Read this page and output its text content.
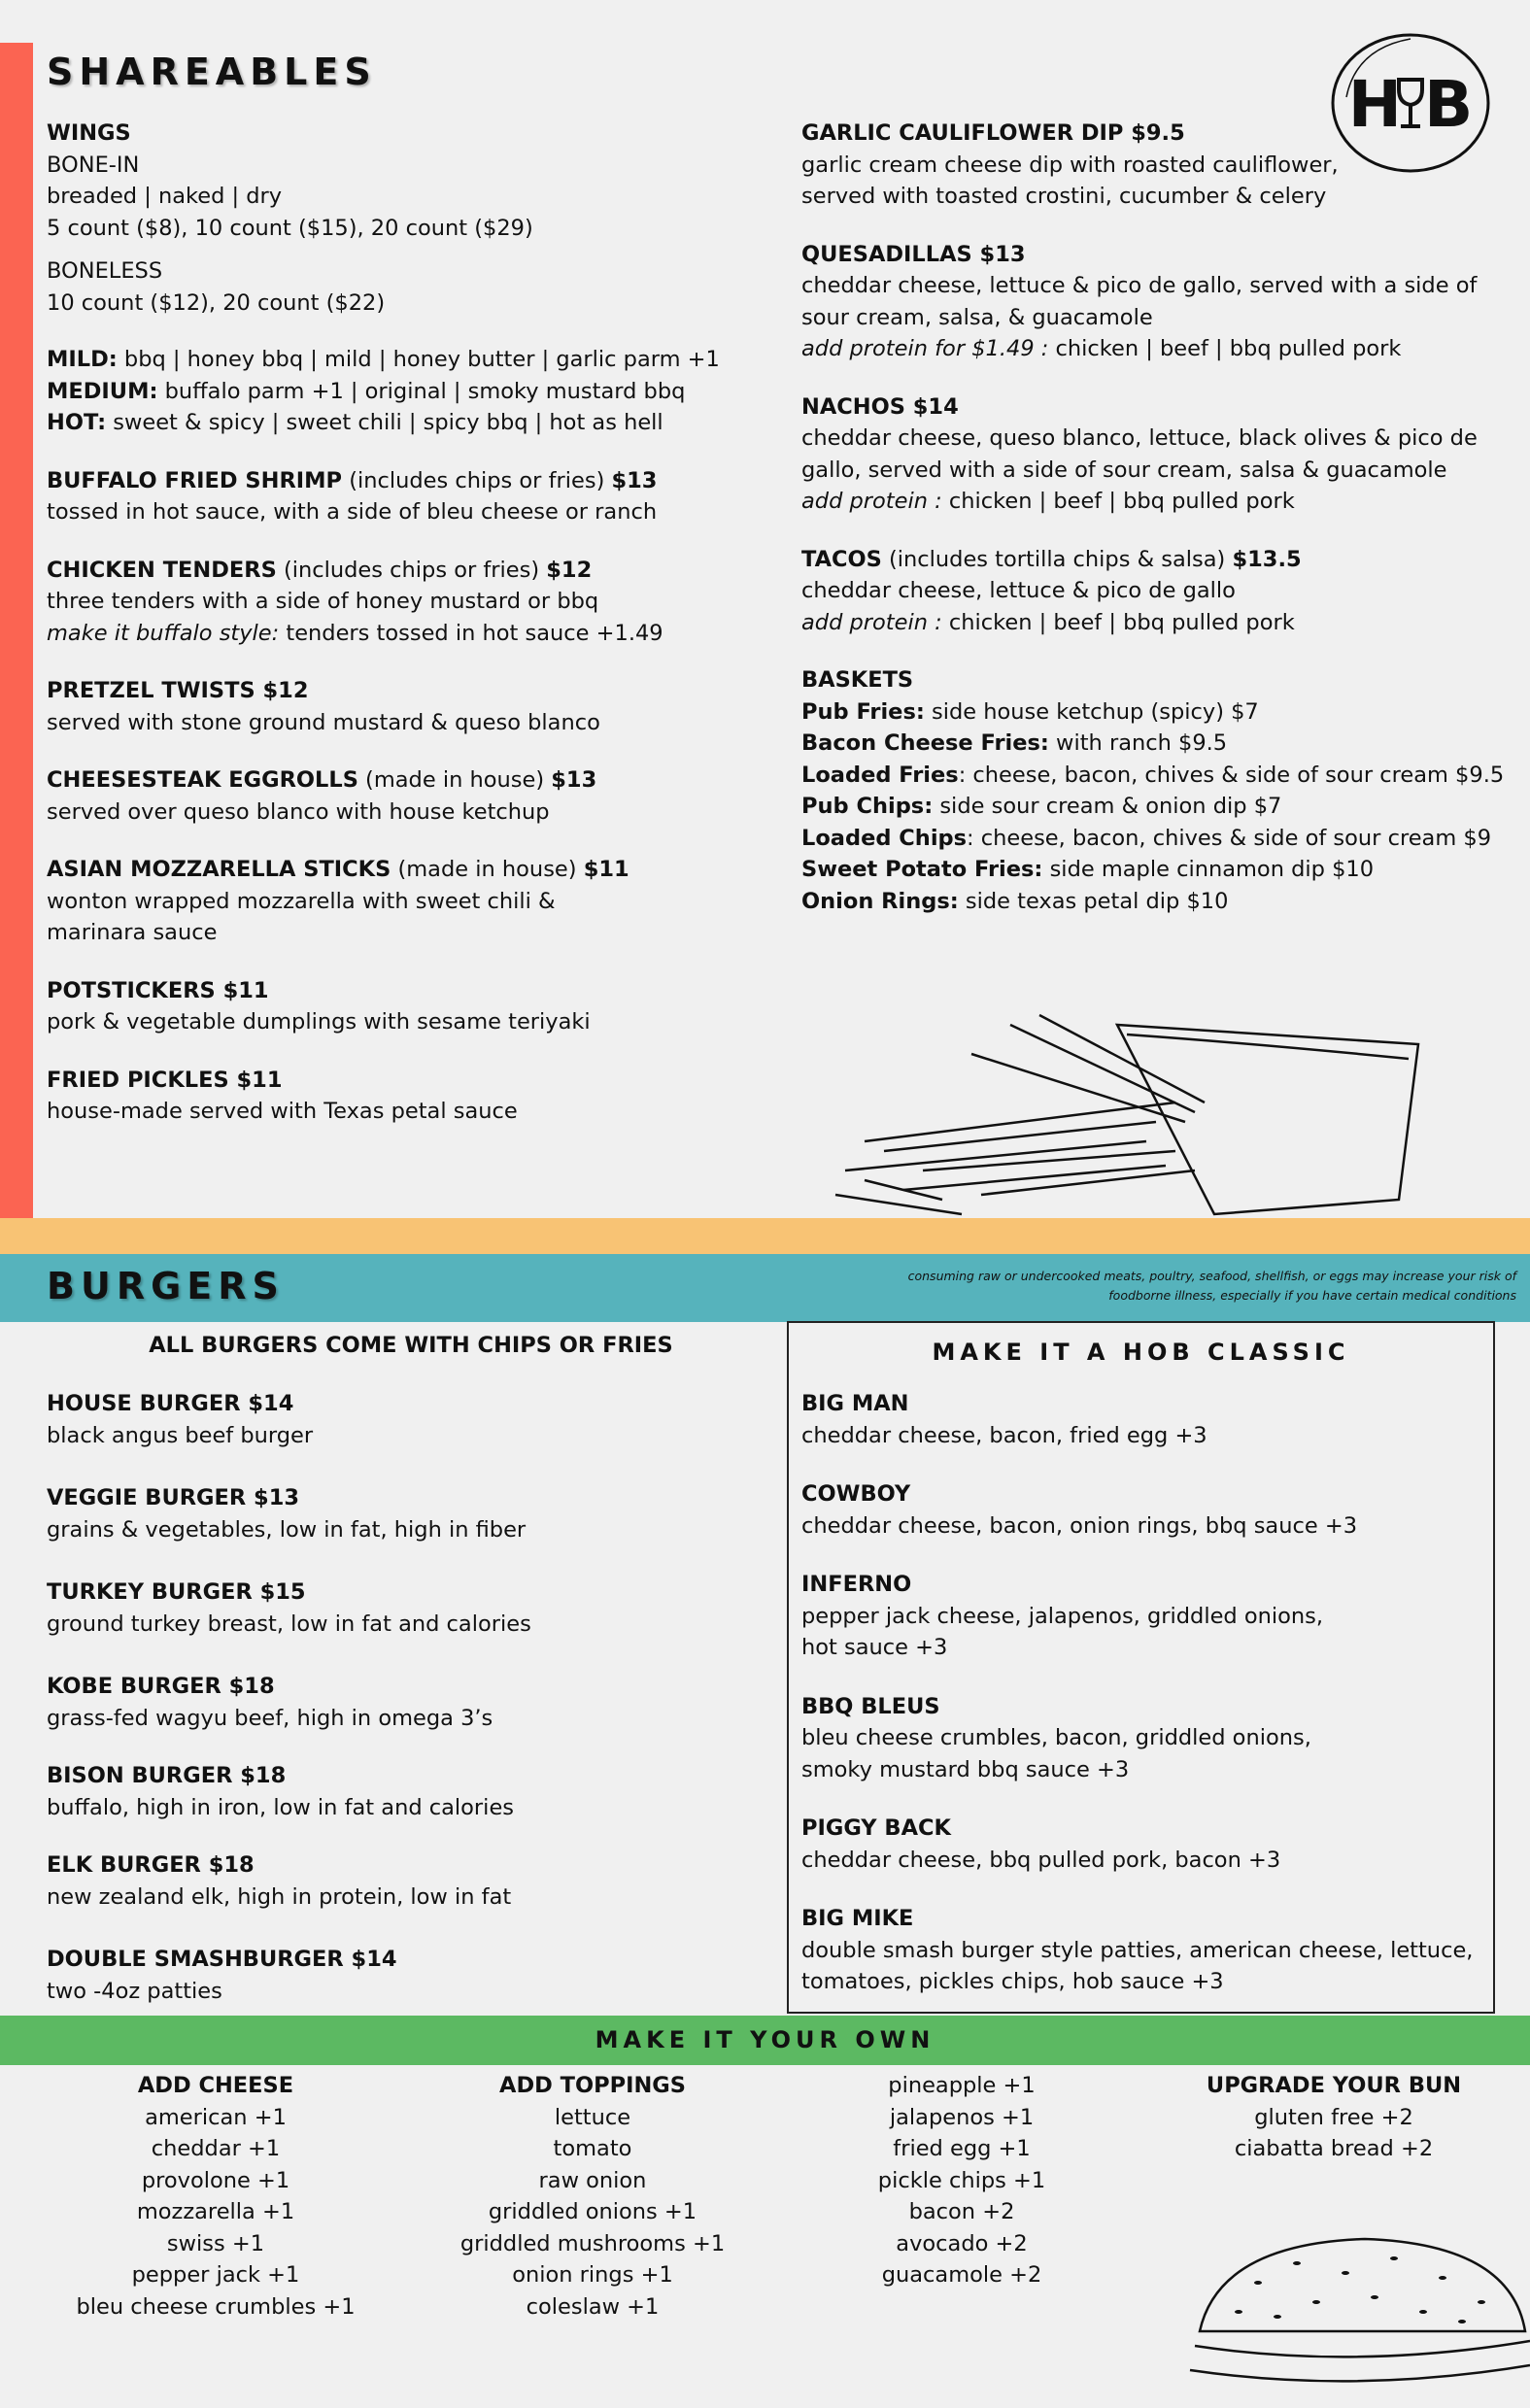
SHAREABLES	H B
WINGS
BONE-IN
breaded | naked | dry
5 count ($8), 10 count ($15), 20 count ($29)
BONELESS
10 count ($12), 20 count ($22)
MILD: bbq | honey bbq | mild | honey butter | garlic parm +1
MEDIUM: buffalo parm +1 | original | smoky mustard bbq
HOT: sweet & spicy | sweet chili | spicy bbq | hot as hell
BUFFALO FRIED SHRIMP (includes chips or fries) $13
tossed in hot sauce, with a side of bleu cheese or ranch
CHICKEN TENDERS (includes chips or fries) $12
three tenders with a side of honey mustard or bbq
make it buffalo style: tenders tossed in hot sauce +1.49
PRETZEL TWISTS $12
served with stone ground mustard & queso blanco
CHEESESTEAK EGGROLLS (made in house) $13
served over queso blanco with house ketchup
ASIAN MOZZARELLA STICKS (made in house) $11
wonton wrapped mozzarella with sweet chili &
marinara sauce
POTSTICKERS $11
pork & vegetable dumplings with sesame teriyaki
FRIED PICKLES $11
house-made served with Texas petal sauce
GARLIC CAULIFLOWER DIP $9.5
garlic cream cheese dip with roasted cauliflower,
served with toasted crostini, cucumber & celery
QUESADILLAS $13
cheddar cheese, lettuce & pico de gallo, served with a side of
sour cream, salsa, & guacamole
add protein for $1.49 : chicken | beef | bbq pulled pork
NACHOS $14
cheddar cheese, queso blanco, lettuce, black olives & pico de
gallo, served with a side of sour cream, salsa & guacamole
add protein : chicken | beef | bbq pulled pork
TACOS (includes tortilla chips & salsa) $13.5
cheddar cheese, lettuce & pico de gallo
add protein : chicken | beef | bbq pulled pork
BASKETS
Pub Fries: side house ketchup (spicy) $7
Bacon Cheese Fries: with ranch $9.5
Loaded Fries: cheese, bacon, chives & side of sour cream $9.5
Pub Chips: side sour cream & onion dip $7
Loaded Chips: cheese, bacon, chives & side of sour cream $9
Sweet Potato Fries: side maple cinnamon dip $10
Onion Rings: side texas petal dip $10
BURGERS	consuming raw or undercooked meats, poultry, seafood, shellfish, or eggs may increase your risk of
foodborne illness, especially if you have certain medical conditions
ALL BURGERS COME WITH CHIPS OR FRIES
HOUSE BURGER $14
black angus beef burger
VEGGIE BURGER $13
grains & vegetables, low in fat, high in fiber
TURKEY BURGER $15
ground turkey breast, low in fat and calories
KOBE BURGER $18
grass-fed wagyu beef, high in omega 3’s
BISON BURGER $18
buffalo, high in iron, low in fat and calories
ELK BURGER $18
new zealand elk, high in protein, low in fat
DOUBLE SMASHBURGER $14
two -4oz patties
MAKE IT A HOB CLASSIC
BIG MAN
cheddar cheese, bacon, fried egg +3
COWBOY
cheddar cheese, bacon, onion rings, bbq sauce +3
INFERNO
pepper jack cheese, jalapenos, griddled onions,
hot sauce +3
BBQ BLEUS
bleu cheese crumbles, bacon, griddled onions,
smoky mustard bbq sauce +3
PIGGY BACK
cheddar cheese, bbq pulled pork, bacon +3
BIG MIKE
double smash burger style patties, american cheese, lettuce,
tomatoes, pickles chips, hob sauce +3
MAKE IT YOUR OWN
ADD CHEESE
american +1
cheddar +1
provolone +1
mozzarella +1
swiss +1
pepper jack +1
bleu cheese crumbles +1
ADD TOPPINGS
lettuce
tomato
raw onion
griddled onions +1
griddled mushrooms +1
onion rings +1
coleslaw +1
pineapple +1
jalapenos +1
fried egg +1
pickle chips +1
bacon +2
avocado +2
guacamole +2
UPGRADE YOUR BUN
gluten free +2
ciabatta bread +2
